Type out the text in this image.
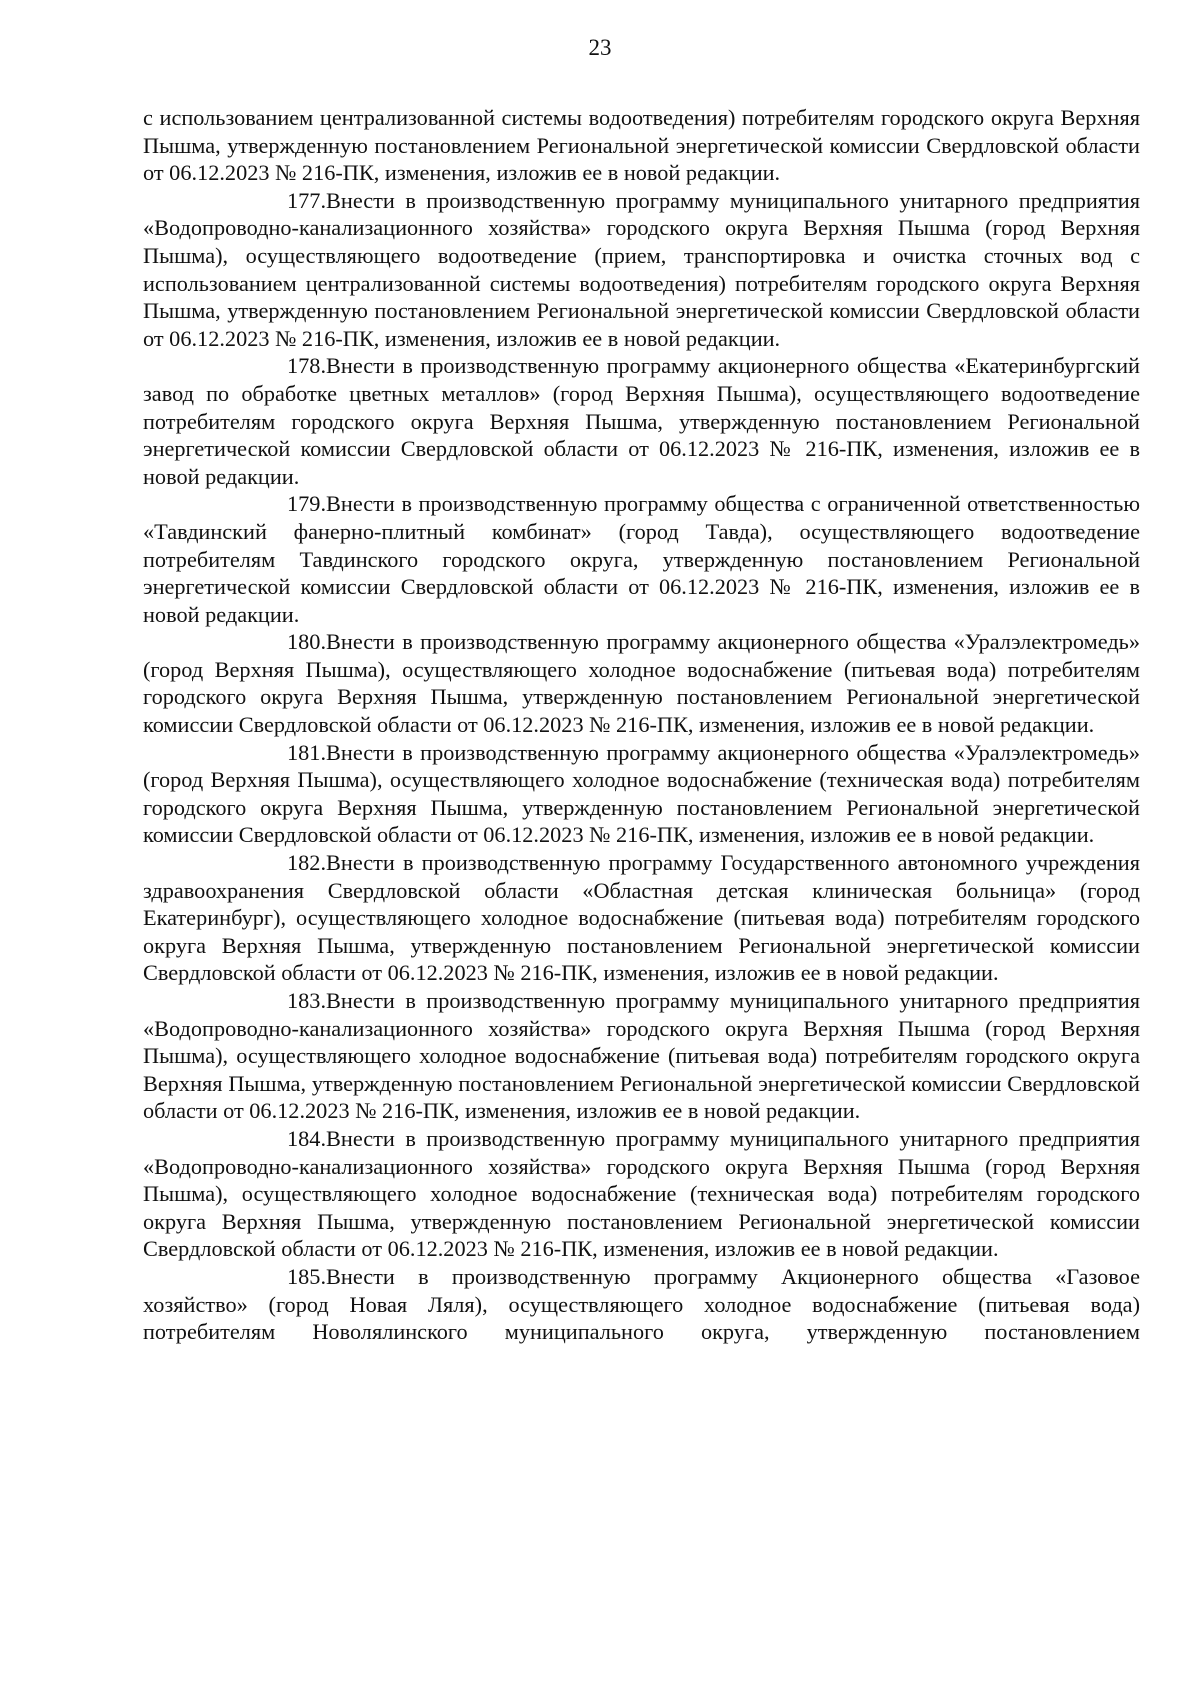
23

с использованием централизованной системы водоотведения) потребителям городского округа Верхняя Пышма, утвержденную постановлением Региональной энергетической комиссии Свердловской области от 06.12.2023 № 216-ПК, изменения, изложив ее в новой редакции.

177.Внести в производственную программу муниципального унитарного предприятия «Водопроводно-канализационного хозяйства» городского округа Верхняя Пышма (город Верхняя Пышма), осуществляющего водоотведение (прием, транспортировка и очистка сточных вод с использованием централизованной системы водоотведения) потребителям городского округа Верхняя Пышма, утвержденную постановлением Региональной энергетической комиссии Свердловской области от 06.12.2023 № 216-ПК, изменения, изложив ее в новой редакции.

178.Внести в производственную программу акционерного общества «Екатеринбургский завод по обработке цветных металлов» (город Верхняя Пышма), осуществляющего водоотведение потребителям городского округа Верхняя Пышма, утвержденную постановлением Региональной энергетической комиссии Свердловской области от 06.12.2023 № 216-ПК, изменения, изложив ее в новой редакции.

179.Внести в производственную программу общества с ограниченной ответственностью «Тавдинский фанерно-плитный комбинат» (город Тавда), осуществляющего водоотведение потребителям Тавдинского городского округа, утвержденную постановлением Региональной энергетической комиссии Свердловской области от 06.12.2023 № 216-ПК, изменения, изложив ее в новой редакции.

180.Внести в производственную программу акционерного общества «Уралэлектромедь» (город Верхняя Пышма), осуществляющего холодное водоснабжение (питьевая вода) потребителям городского округа Верхняя Пышма, утвержденную постановлением Региональной энергетической комиссии Свердловской области от 06.12.2023 № 216-ПК, изменения, изложив ее в новой редакции.

181.Внести в производственную программу акционерного общества «Уралэлектромедь» (город Верхняя Пышма), осуществляющего холодное водоснабжение (техническая вода) потребителям городского округа Верхняя Пышма, утвержденную постановлением Региональной энергетической комиссии Свердловской области от 06.12.2023 № 216-ПК, изменения, изложив ее в новой редакции.

182.Внести в производственную программу Государственного автономного учреждения здравоохранения Свердловской области «Областная детская клиническая больница» (город Екатеринбург), осуществляющего холодное водоснабжение (питьевая вода) потребителям городского округа Верхняя Пышма, утвержденную постановлением Региональной энергетической комиссии Свердловской области от 06.12.2023 № 216-ПК, изменения, изложив ее в новой редакции.

183.Внести в производственную программу муниципального унитарного предприятия «Водопроводно-канализационного хозяйства» городского округа Верхняя Пышма (город Верхняя Пышма), осуществляющего холодное водоснабжение (питьевая вода) потребителям городского округа Верхняя Пышма, утвержденную постановлением Региональной энергетической комиссии Свердловской области от 06.12.2023 № 216-ПК, изменения, изложив ее в новой редакции.

184.Внести в производственную программу муниципального унитарного предприятия «Водопроводно-канализационного хозяйства» городского округа Верхняя Пышма (город Верхняя Пышма), осуществляющего холодное водоснабжение (техническая вода) потребителям городского округа Верхняя Пышма, утвержденную постановлением Региональной энергетической комиссии Свердловской области от 06.12.2023 № 216-ПК, изменения, изложив ее в новой редакции.

185.Внести в производственную программу Акционерного общества «Газовое хозяйство» (город Новая Ляля), осуществляющего холодное водоснабжение (питьевая вода) потребителям Новолялинского муниципального округа, утвержденную постановлением
